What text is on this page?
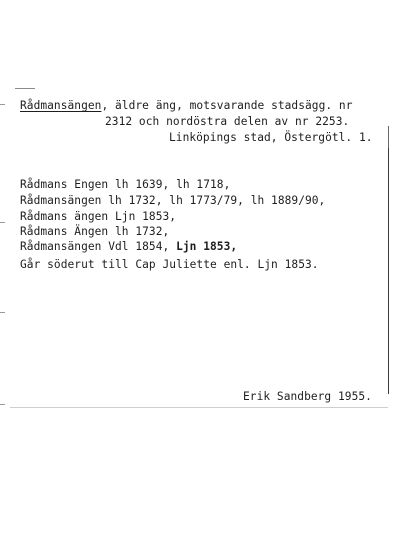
Rådmansängen, äldre äng, motsvarande stadsägg. nr
2312 och nordöstra delen av nr 2253.
Linköpings stad, Östergötl. 1.
Rådmans Engen lh 1639, lh 1718,
Rådmansängen lh 1732, lh 1773/79, lh 1889/90,
Rådmans ängen Ljn 1853,
Rådmans Ängen lh 1732,
Rådmansängen Vdl 1854, Ljn 1853,
Går söderut till Cap Juliette enl. Ljn 1853.
Erik Sandberg 1955.
